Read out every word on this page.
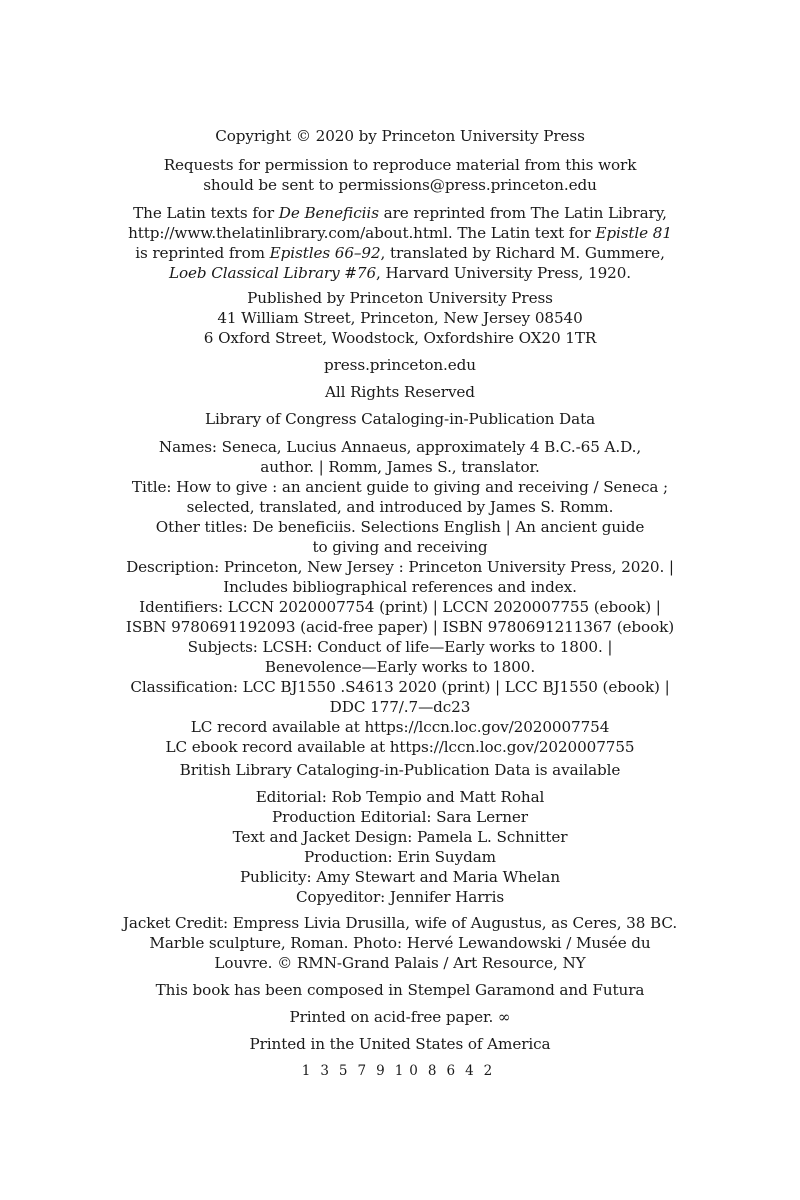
Copyright © 2020 by Princeton University Press
Requests for permission to reproduce material from this work
should be sent to permissions@press.princeton.edu
The Latin texts for De Beneficiis are reprinted from The Latin Library,
http://www.thelatinlibrary.com/about.html. The Latin text for Epistle 81
is reprinted from Epistles 66–92, translated by Richard M. Gummere,
Loeb Classical Library #76, Harvard University Press, 1920.
Published by Princeton University Press
41 William Street, Princeton, New Jersey 08540
6 Oxford Street, Woodstock, Oxfordshire OX20 1TR
press.princeton.edu
All Rights Reserved
Library of Congress Cataloging-in-Publication Data
Names: Seneca, Lucius Annaeus, approximately 4 B.C.-65 A.D.,
author. | Romm, James S., translator.
Title: How to give : an ancient guide to giving and receiving / Seneca ;
selected, translated, and introduced by James S. Romm.
Other titles: De beneficiis. Selections English | An ancient guide
to giving and receiving
Description: Princeton, New Jersey : Princeton University Press, 2020. |
Includes bibliographical references and index.
Identifiers: LCCN 2020007754 (print) | LCCN 2020007755 (ebook) |
ISBN 9780691192093 (acid-free paper) | ISBN 9780691211367 (ebook)
Subjects: LCSH: Conduct of life—Early works to 1800. |
Benevolence—Early works to 1800.
Classification: LCC BJ1550 .S4613 2020 (print) | LCC BJ1550 (ebook) |
DDC 177/.7—dc23
LC record available at https://lccn.loc.gov/2020007754
LC ebook record available at https://lccn.loc.gov/2020007755
British Library Cataloging-in-Publication Data is available
Editorial: Rob Tempio and Matt Rohal
Production Editorial: Sara Lerner
Text and Jacket Design: Pamela L. Schnitter
Production: Erin Suydam
Publicity: Amy Stewart and Maria Whelan
Copyeditor: Jennifer Harris
Jacket Credit: Empress Livia Drusilla, wife of Augustus, as Ceres, 38 BC.
Marble sculpture, Roman. Photo: Hervé Lewandowski / Musée du
Louvre. © RMN-Grand Palais / Art Resource, NY
This book has been composed in Stempel Garamond and Futura
Printed on acid-free paper. ∞
Printed in the United States of America
1 3 5 7 9 10 8 6 4 2
